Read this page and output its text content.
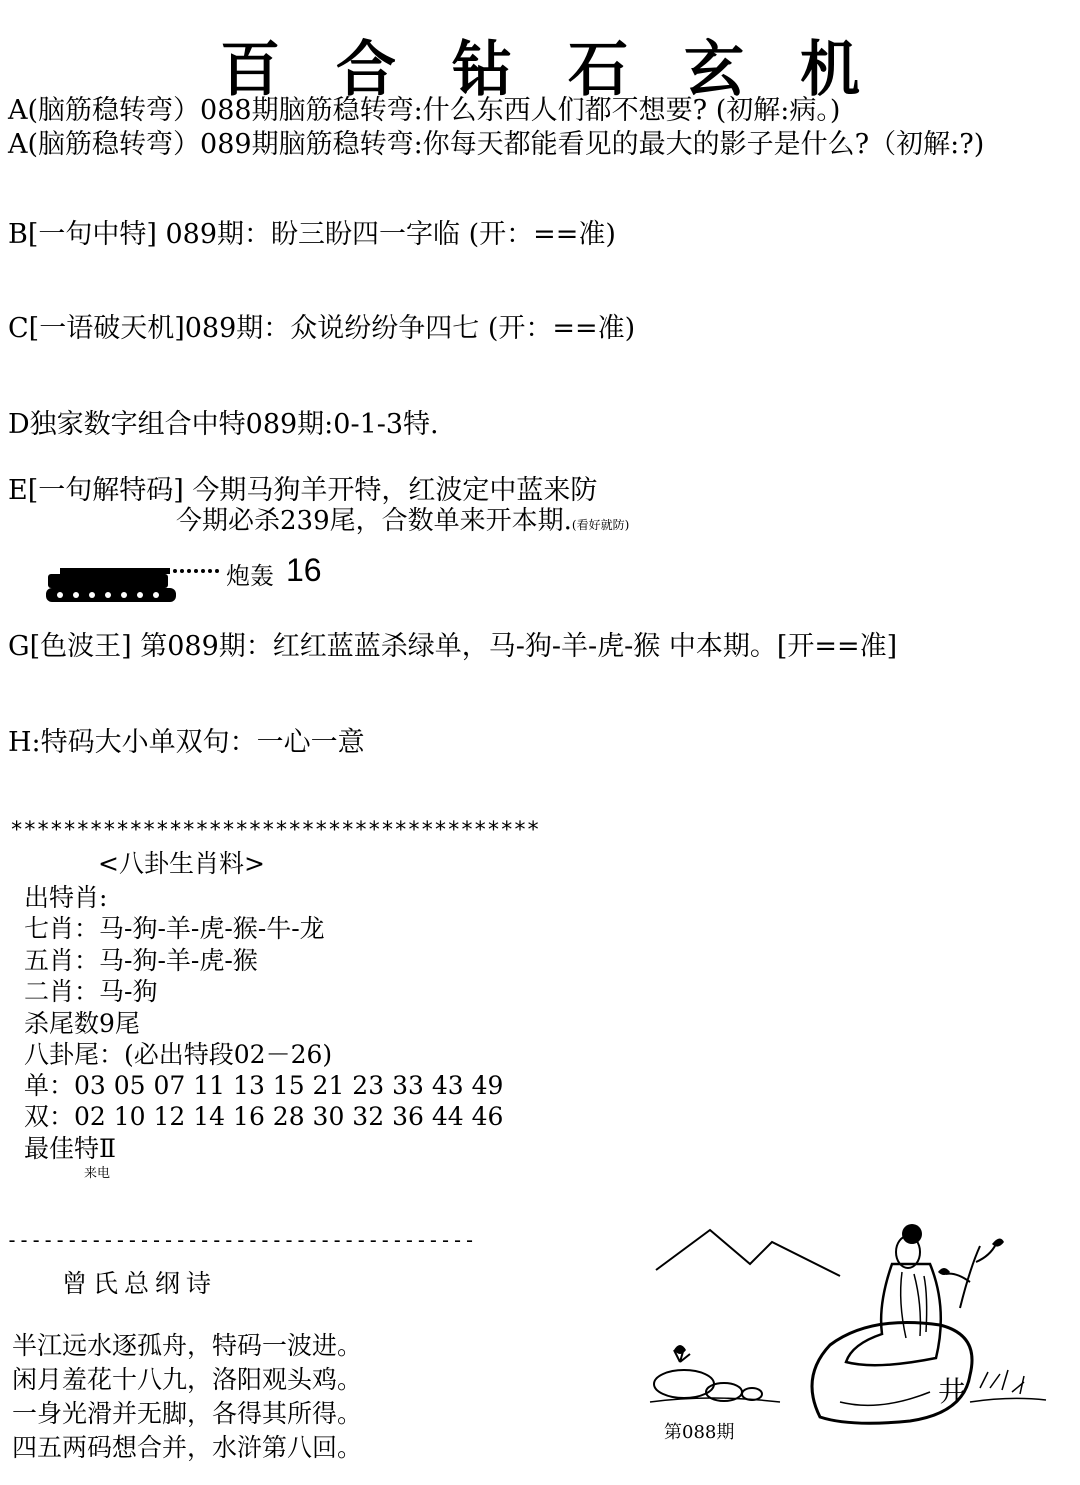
百 合 钻 石 玄 机
A(脑筋稳转弯）088期脑筋稳转弯:什么东西人们都不想要? (初解:病。)
A(脑筋稳转弯）089期脑筋稳转弯:你每天都能看见的最大的影子是什么?（初解:?)
B[一句中特] 089期：盼三盼四一字临 (开：==准)
C[一语破天机]089期：众说纷纷争四七 (开：==准)
D独家数字组合中特089期:0-1-3特.
E[一句解特码] 今期马狗羊开特，红波定中蓝来防
今期必杀239尾，合数单来开本期.(看好就防)
炮轰 16
G[色波王] 第089期：红红蓝蓝杀绿单，马-狗-羊-虎-猴 中本期。[开==准]
H:特码大小单双句：一心一意
****************************************
<八卦生肖料>
出特肖:
七肖：马-狗-羊-虎-猴-牛-龙
五肖：马-狗-羊-虎-猴
二肖：马-狗
杀尾数9尾
八卦尾：(必出特段02－26)
单：03 05 07 11 13 15 21 23 33 43 49
双：02 10 12 14 16 28 30 32 36 44 46
最佳特Ⅱ
来电
---------------------------------------
曾氏总纲诗
半江远水逐孤舟，特码一波进。
闲月羞花十八九，洛阳观头鸡。
一身光滑并无脚，各得其所得。
四五两码想合并，水浒第八回。
井
第088期
